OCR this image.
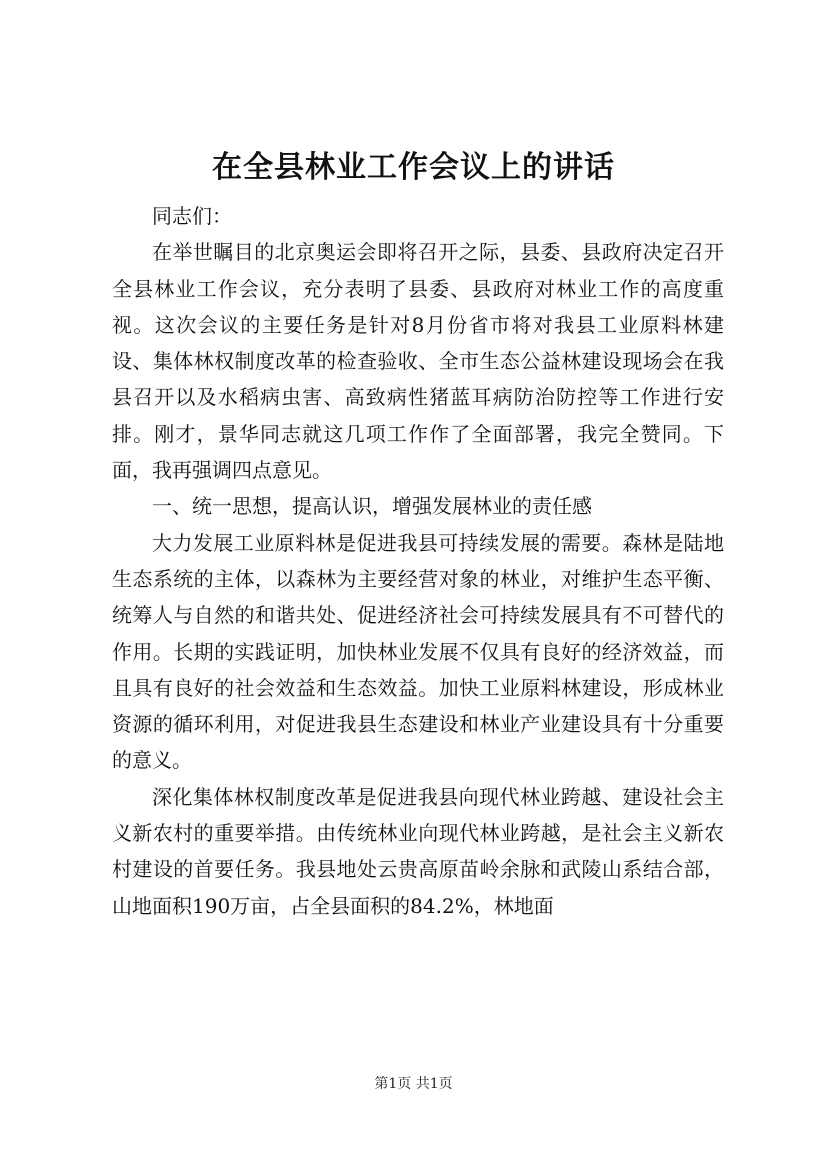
在全县林业工作会议上的讲话

同志们：

在举世瞩目的北京奥运会即将召开之际，县委、县政府决定召开全县林业工作会议，充分表明了县委、县政府对林业工作的高度重视。这次会议的主要任务是针对8月份省市将对我县工业原料林建设、集体林权制度改革的检查验收、全市生态公益林建设现场会在我县召开以及水稻病虫害、高致病性猪蓝耳病防治防控等工作进行安排。刚才，景华同志就这几项工作作了全面部署，我完全赞同。下面，我再强调四点意见。

一、统一思想，提高认识，增强发展林业的责任感

大力发展工业原料林是促进我县可持续发展的需要。森林是陆地生态系统的主体，以森林为主要经营对象的林业，对维护生态平衡、统筹人与自然的和谐共处、促进经济社会可持续发展具有不可替代的作用。长期的实践证明，加快林业发展不仅具有良好的经济效益，而且具有良好的社会效益和生态效益。加快工业原料林建设，形成林业资源的循环利用，对促进我县生态建设和林业产业建设具有十分重要的意义。

深化集体林权制度改革是促进我县向现代林业跨越、建设社会主义新农村的重要举措。由传统林业向现代林业跨越，是社会主义新农村建设的首要任务。我县地处云贵高原苗岭余脉和武陵山系结合部，山地面积190万亩，占全县面积的84.2%，林地面

第1页 共1页
